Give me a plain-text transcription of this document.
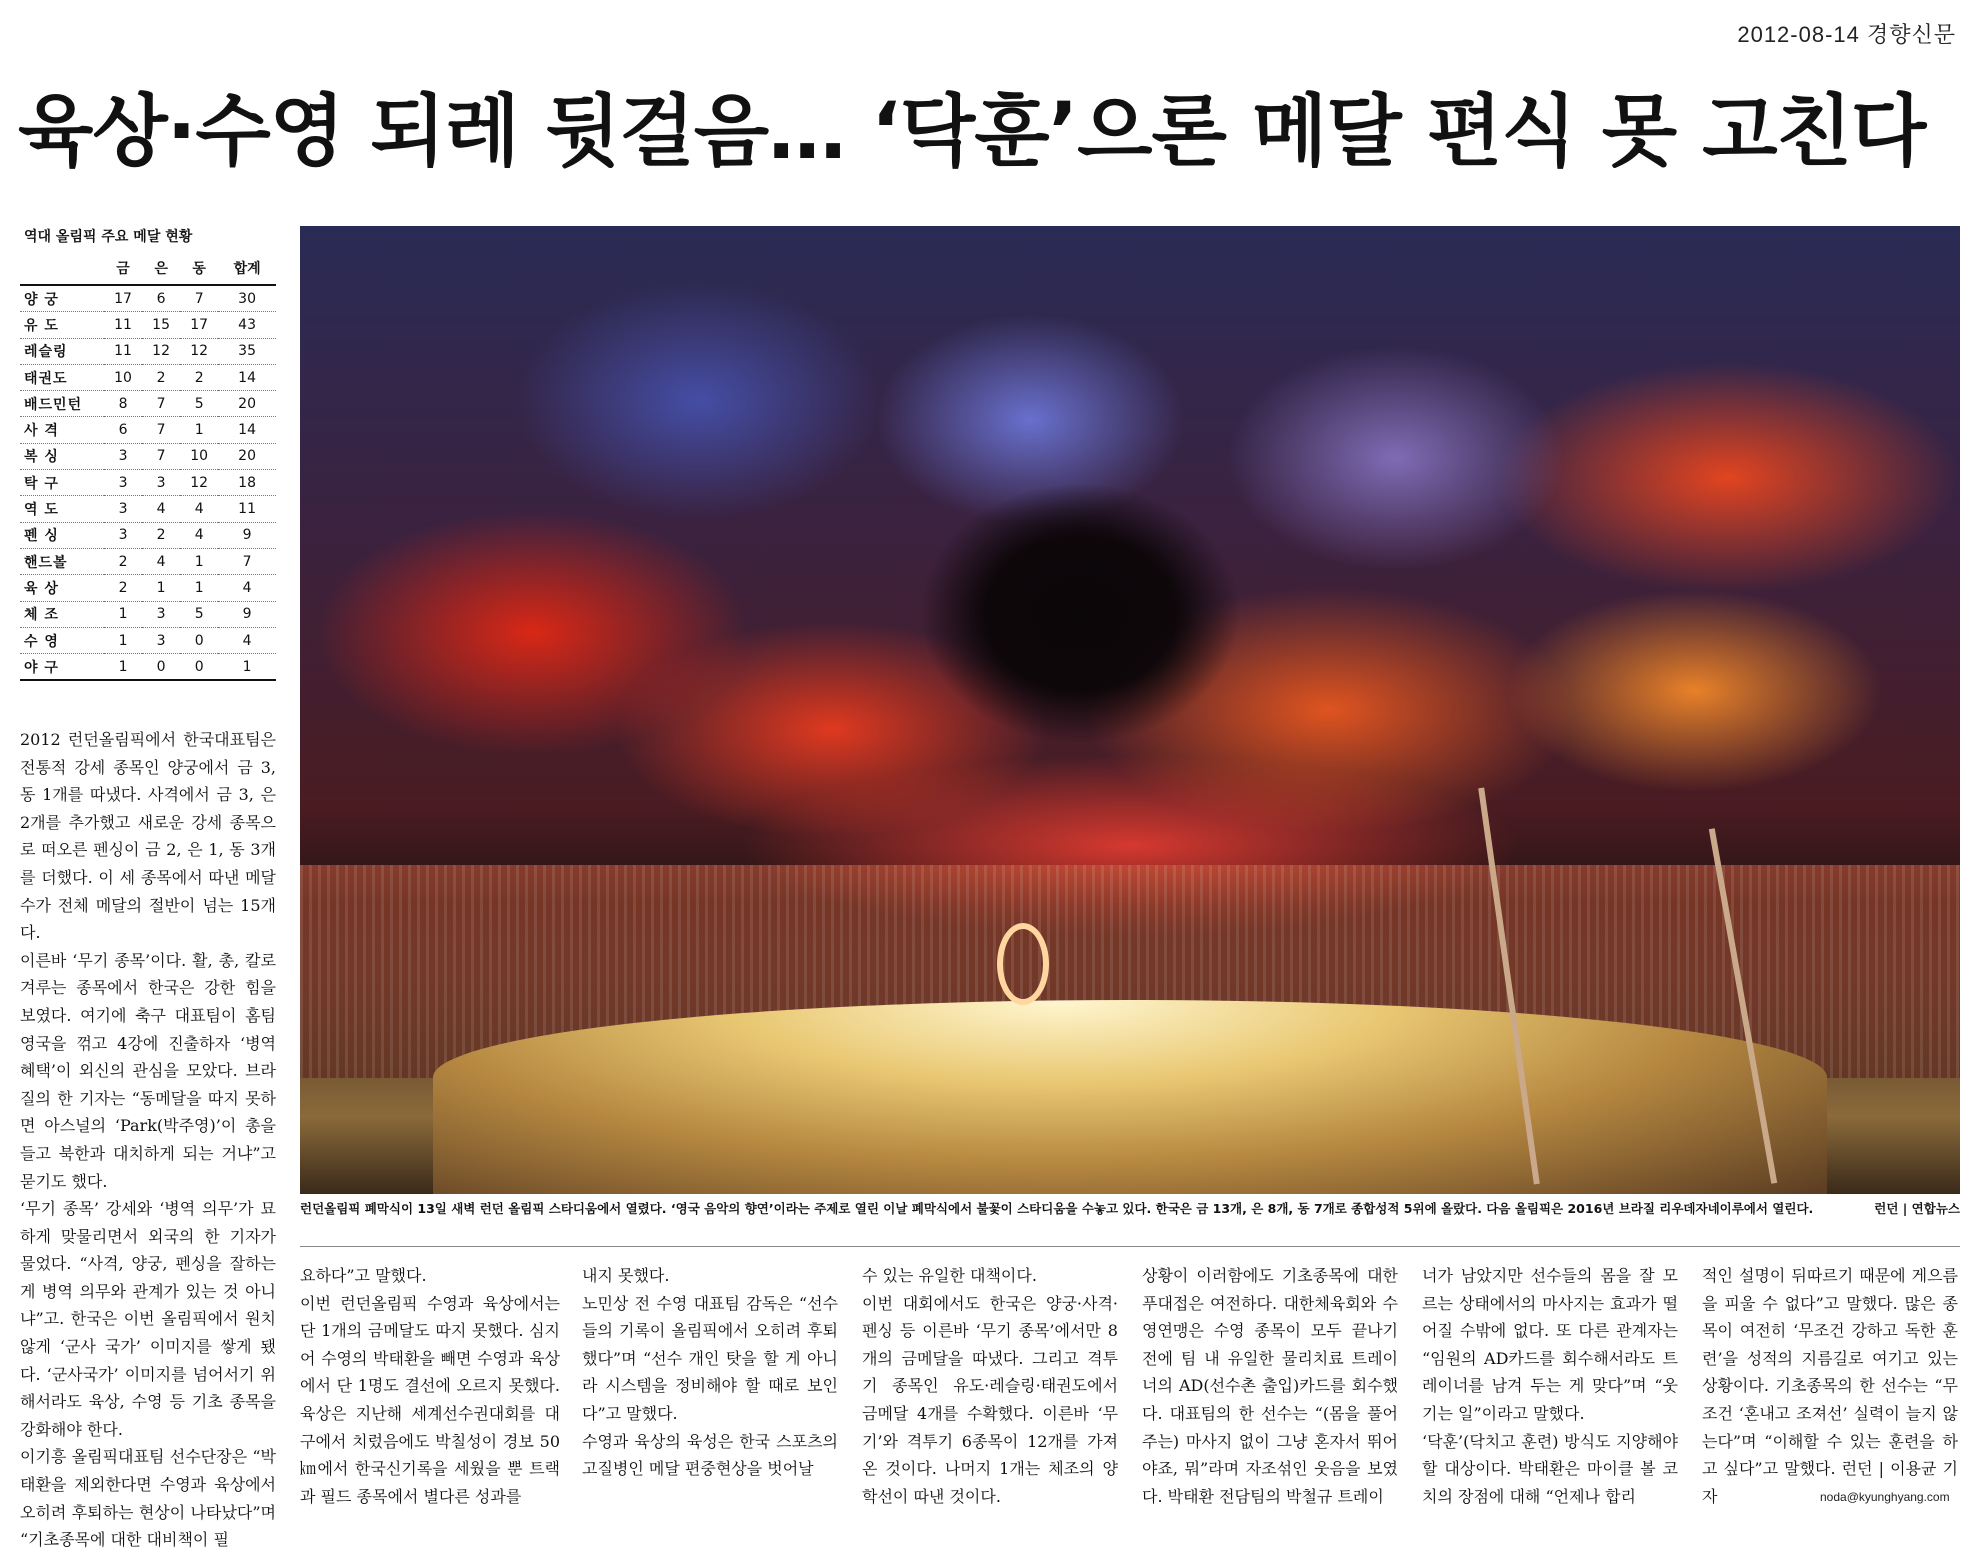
2012-08-14 경향신문
육상·수영 되레 뒷걸음… ‘닥훈’으론 메달 편식 못 고친다
역대 올림픽 주요 메달 현황
	금	은	동	합계
양 궁	17	6	7	30
유 도	11	15	17	43
레슬링	11	12	12	35
태권도	10	2	2	14
배드민턴	8	7	5	20
사 격	6	7	1	14
복 싱	3	7	10	20
탁 구	3	3	12	18
역 도	3	4	4	11
펜 싱	3	2	4	9
핸드볼	2	4	1	7
육 상	2	1	1	4
체 조	1	3	5	9
수 영	1	3	0	4
야 구	1	0	0	1
런던올림픽 폐막식이 13일 새벽 런던 올림픽 스타디움에서 열렸다. ‘영국 음악의 향연’이라는 주제로 열린 이날 폐막식에서 불꽃이 스타디움을 수놓고 있다. 한국은 금 13개, 은 8개, 동 7개로 종합성적 5위에 올랐다. 다음 올림픽은 2016년 브라질 리우데자네이루에서 열린다.	런던 | 연합뉴스
2012 런던올림픽에서 한국대표팀은 전통적 강세 종목인 양궁에서 금 3, 동 1개를 따냈다. 사격에서 금 3, 은 2개를 추가했고 새로운 강세 종목으로 떠오른 펜싱이 금 2, 은 1, 동 3개를 더했다. 이 세 종목에서 따낸 메달 수가 전체 메달의 절반이 넘는 15개다.
이른바 ‘무기 종목’이다. 활, 총, 칼로 겨루는 종목에서 한국은 강한 힘을 보였다. 여기에 축구 대표팀이 홈팀 영국을 꺾고 4강에 진출하자 ‘병역 혜택’이 외신의 관심을 모았다. 브라질의 한 기자는 “동메달을 따지 못하면 아스널의 ‘Park(박주영)’이 총을 들고 북한과 대치하게 되는 거냐”고 묻기도 했다.
‘무기 종목’ 강세와 ‘병역 의무’가 묘하게 맞물리면서 외국의 한 기자가 물었다. “사격, 양궁, 펜싱을 잘하는 게 병역 의무와 관계가 있는 것 아니냐”고. 한국은 이번 올림픽에서 원치 않게 ‘군사 국가’ 이미지를 쌓게 됐다. ‘군사국가’ 이미지를 넘어서기 위해서라도 육상, 수영 등 기초 종목을 강화해야 한다.
이기흥 올림픽대표팀 선수단장은 “박태환을 제외한다면 수영과 육상에서 오히려 후퇴하는 현상이 나타났다”며 “기초종목에 대한 대비책이 필
요하다”고 말했다.
이번 런던올림픽 수영과 육상에서는 단 1개의 금메달도 따지 못했다. 심지어 수영의 박태환을 빼면 수영과 육상에서 단 1명도 결선에 오르지 못했다. 육상은 지난해 세계선수권대회를 대구에서 치렀음에도 박칠성이 경보 50㎞에서 한국신기록을 세웠을 뿐 트랙과 필드 종목에서 별다른 성과를
내지 못했다.
노민상 전 수영 대표팀 감독은 “선수들의 기록이 올림픽에서 오히려 후퇴했다”며 “선수 개인 탓을 할 게 아니라 시스템을 정비해야 할 때로 보인다”고 말했다.
수영과 육상의 육성은 한국 스포츠의 고질병인 메달 편중현상을 벗어날
수 있는 유일한 대책이다.
이번 대회에서도 한국은 양궁·사격·펜싱 등 이른바 ‘무기 종목’에서만 8개의 금메달을 따냈다. 그리고 격투기 종목인 유도·레슬링·태권도에서 금메달 4개를 수확했다. 이른바 ‘무기’와 격투기 6종목이 12개를 가져온 것이다. 나머지 1개는 체조의 양학선이 따낸 것이다.
상황이 이러함에도 기초종목에 대한 푸대접은 여전하다. 대한체육회와 수영연맹은 수영 종목이 모두 끝나기 전에 팀 내 유일한 물리치료 트레이너의 AD(선수촌 출입)카드를 회수했다. 대표팀의 한 선수는 “(몸을 풀어주는) 마사지 없이 그냥 혼자서 뛰어야죠, 뭐”라며 자조섞인 웃음을 보였다. 박태환 전담팀의 박철규 트레이
너가 남았지만 선수들의 몸을 잘 모르는 상태에서의 마사지는 효과가 떨어질 수밖에 없다. 또 다른 관계자는 “임원의 AD카드를 회수해서라도 트레이너를 남겨 두는 게 맞다”며 “웃기는 일”이라고 말했다.
‘닥훈’(닥치고 훈련) 방식도 지양해야 할 대상이다. 박태환은 마이클 볼 코치의 장점에 대해 “언제나 합리
적인 설명이 뒤따르기 때문에 게으름을 피울 수 없다”고 말했다. 많은 종목이 여전히 ‘무조건 강하고 독한 훈련’을 성적의 지름길로 여기고 있는 상황이다. 기초종목의 한 선수는 “무조건 ‘혼내고 조져선’ 실력이 늘지 않는다”며 “이해할 수 있는 훈련을 하고 싶다”고 말했다. 런던 | 이용균 기자	noda@kyunghyang.com
